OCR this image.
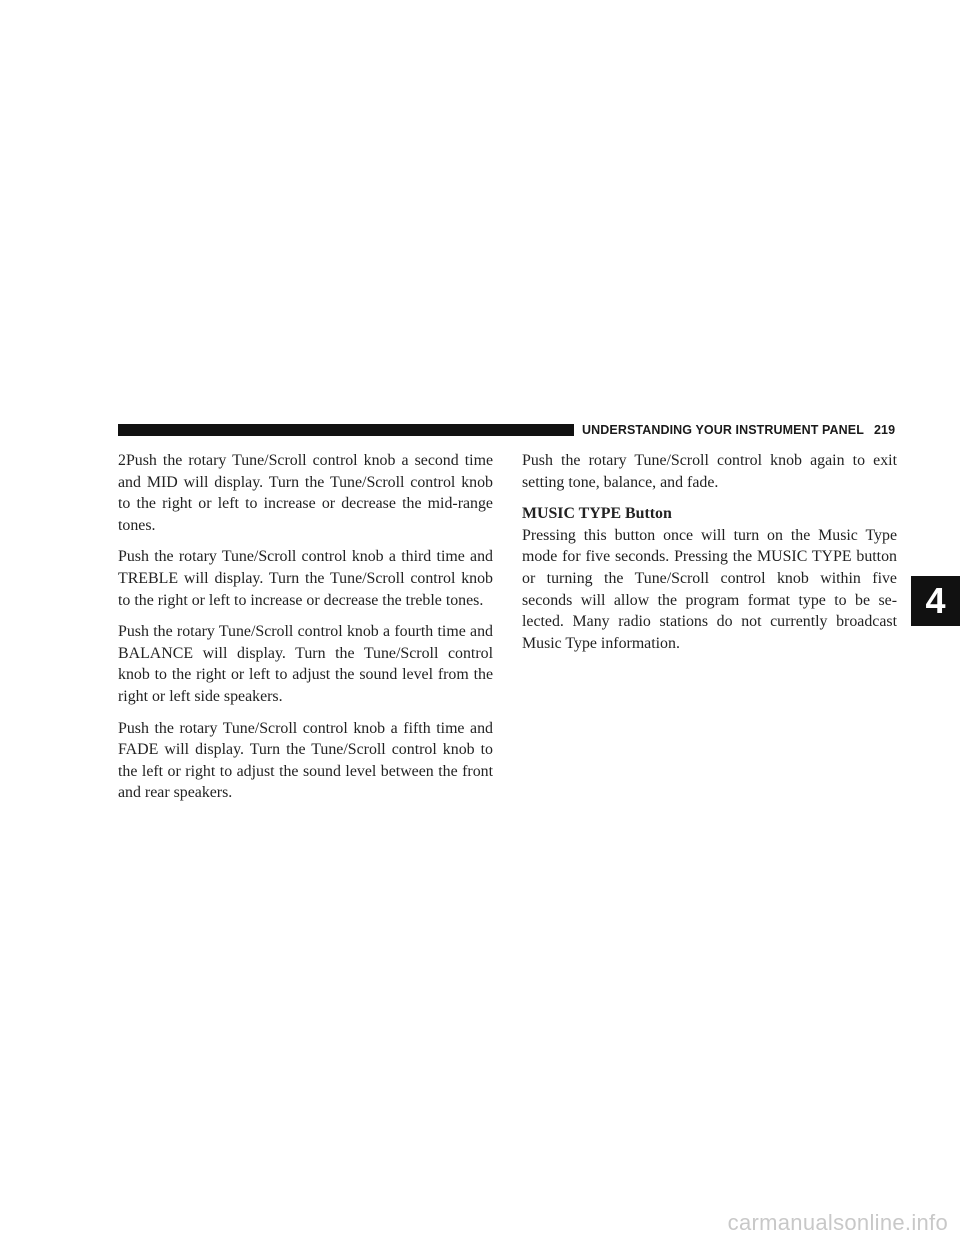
UNDERSTANDING YOUR INSTRUMENT PANEL 219

2Push the rotary Tune/Scroll control knob a second time and MID will display. Turn the Tune/Scroll control knob to the right or left to increase or decrease the mid-range tones.

Push the rotary Tune/Scroll control knob a third time and TREBLE will display. Turn the Tune/Scroll control knob to the right or left to increase or decrease the treble tones.

Push the rotary Tune/Scroll control knob a fourth time and BALANCE will display. Turn the Tune/Scroll control knob to the right or left to adjust the sound level from the right or left side speakers.

Push the rotary Tune/Scroll control knob a fifth time and FADE will display. Turn the Tune/Scroll control knob to the left or right to adjust the sound level between the front and rear speakers.

Push the rotary Tune/Scroll control knob again to exit setting tone, balance, and fade.

MUSIC TYPE Button

Pressing this button once will turn on the Music Type mode for five seconds. Pressing the MUSIC TYPE button or turning the Tune/Scroll control knob within five seconds will allow the program format type to be se-lected. Many radio stations do not currently broadcast Music Type information.

4
carmanualsonline.info
